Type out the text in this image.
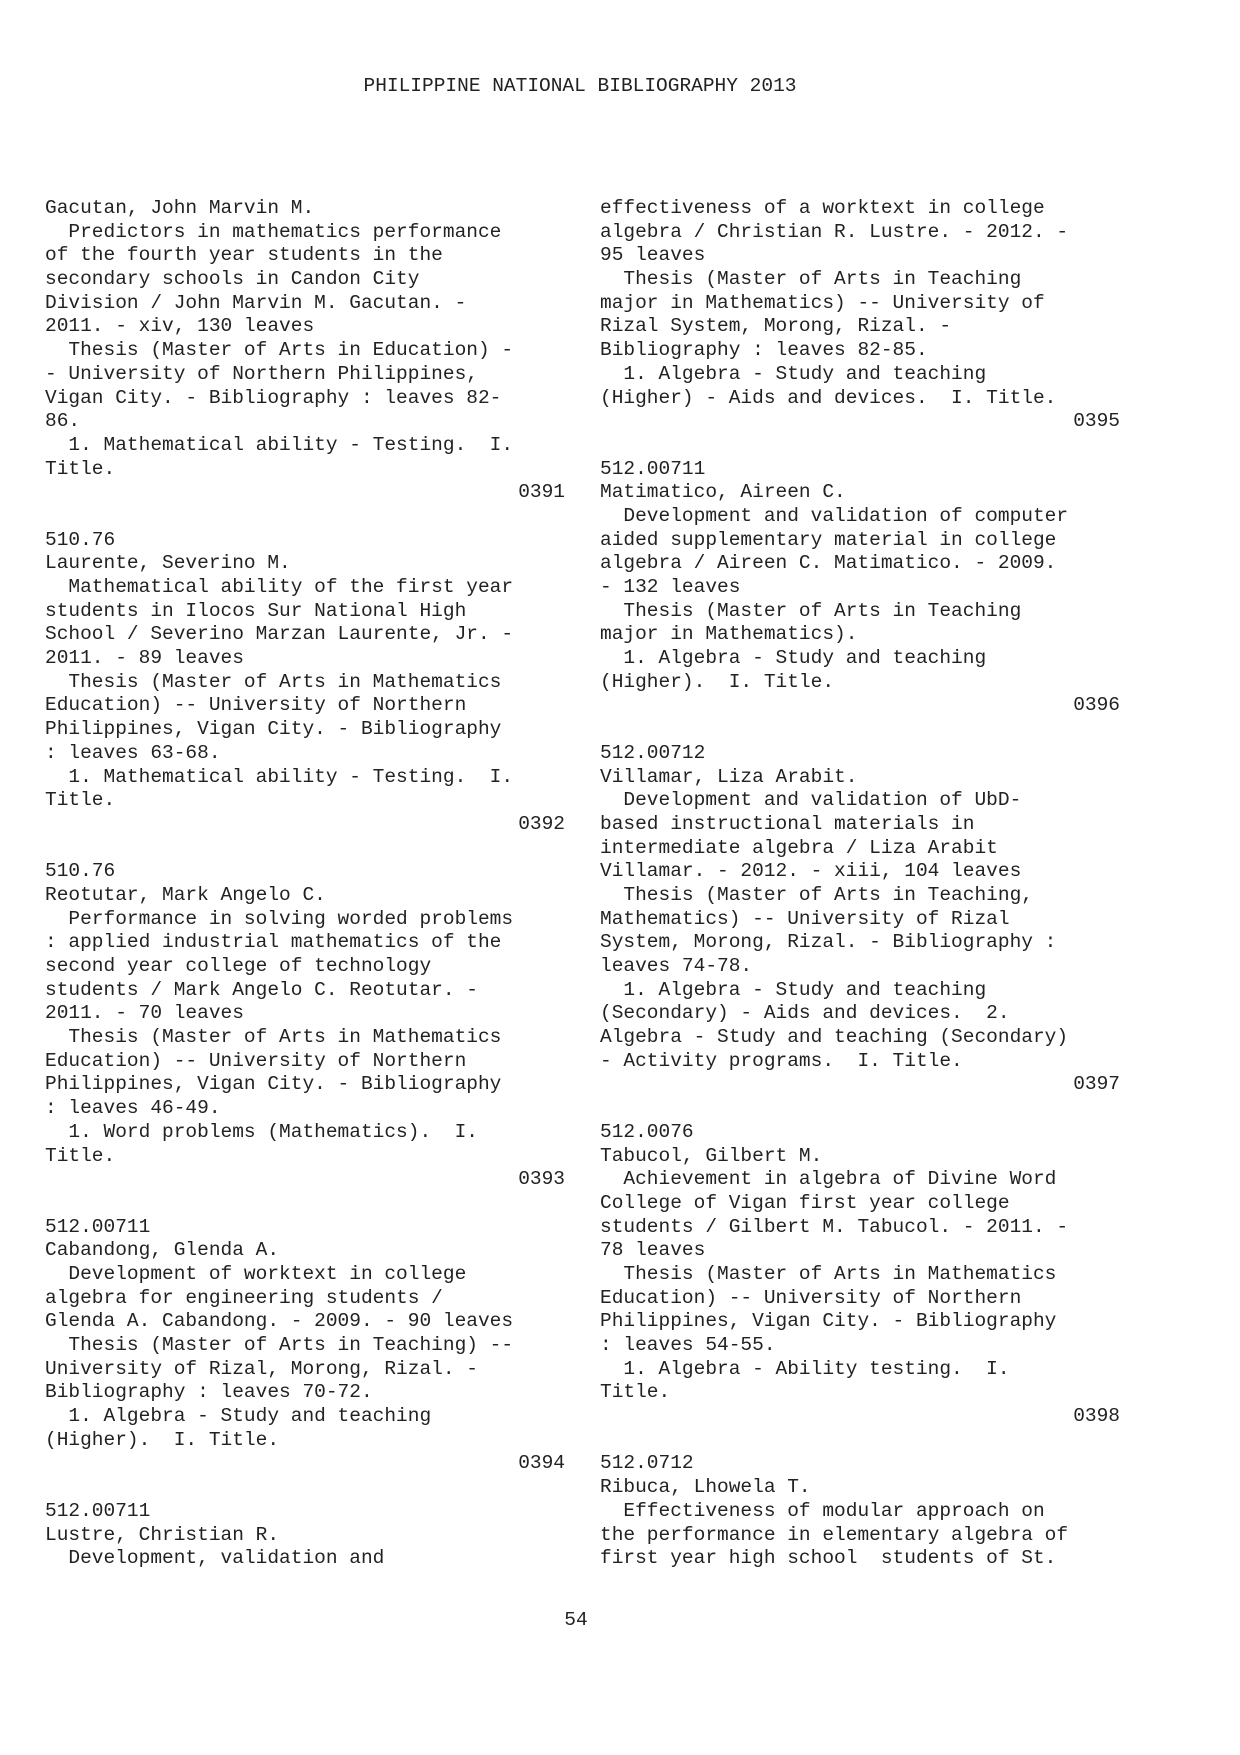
PHILIPPINE NATIONAL BIBLIOGRAPHY 2013
Gacutan, John Marvin M.
Predictors in mathematics performance
of the fourth year students in the
secondary schools in Candon City
Division / John Marvin M. Gacutan. -
2011. - xiv, 130 leaves
Thesis (Master of Arts in Education) -
- University of Northern Philippines,
Vigan City. - Bibliography : leaves 82-
86.
1. Mathematical ability - Testing.  I.
Title.
0391
510.76
Laurente, Severino M.
Mathematical ability of the first year
students in Ilocos Sur National High
School / Severino Marzan Laurente, Jr. -
2011. - 89 leaves
Thesis (Master of Arts in Mathematics
Education) -- University of Northern
Philippines, Vigan City. - Bibliography
: leaves 63-68.
1. Mathematical ability - Testing.  I.
Title.
0392
510.76
Reotutar, Mark Angelo C.
Performance in solving worded problems
: applied industrial mathematics of the
second year college of technology
students / Mark Angelo C. Reotutar. -
2011. - 70 leaves
Thesis (Master of Arts in Mathematics
Education) -- University of Northern
Philippines, Vigan City. - Bibliography
: leaves 46-49.
1. Word problems (Mathematics).  I.
Title.
0393
512.00711
Cabandong, Glenda A.
Development of worktext in college
algebra for engineering students /
Glenda A. Cabandong. - 2009. - 90 leaves
Thesis (Master of Arts in Teaching) --
University of Rizal, Morong, Rizal. -
Bibliography : leaves 70-72.
1. Algebra - Study and teaching
(Higher).  I. Title.
0394
512.00711
Lustre, Christian R.
Development, validation and
effectiveness of a worktext in college
algebra / Christian R. Lustre. - 2012. -
95 leaves
Thesis (Master of Arts in Teaching
major in Mathematics) -- University of
Rizal System, Morong, Rizal. -
Bibliography : leaves 82-85.
1. Algebra - Study and teaching
(Higher) - Aids and devices.  I. Title.
0395
512.00711
Matimatico, Aireen C.
Development and validation of computer
aided supplementary material in college
algebra / Aireen C. Matimatico. - 2009.
- 132 leaves
Thesis (Master of Arts in Teaching
major in Mathematics).
1. Algebra - Study and teaching
(Higher).  I. Title.
0396
512.00712
Villamar, Liza Arabit.
Development and validation of UbD-
based instructional materials in
intermediate algebra / Liza Arabit
Villamar. - 2012. - xiii, 104 leaves
Thesis (Master of Arts in Teaching,
Mathematics) -- University of Rizal
System, Morong, Rizal. - Bibliography :
leaves 74-78.
1. Algebra - Study and teaching
(Secondary) - Aids and devices.  2.
Algebra - Study and teaching (Secondary)
- Activity programs.  I. Title.
0397
512.0076
Tabucol, Gilbert M.
Achievement in algebra of Divine Word
College of Vigan first year college
students / Gilbert M. Tabucol. - 2011. -
78 leaves
Thesis (Master of Arts in Mathematics
Education) -- University of Northern
Philippines, Vigan City. - Bibliography
: leaves 54-55.
1. Algebra - Ability testing.  I.
Title.
0398
512.0712
Ribuca, Lhowela T.
Effectiveness of modular approach on
the performance in elementary algebra of
first year high school  students of St.
54
